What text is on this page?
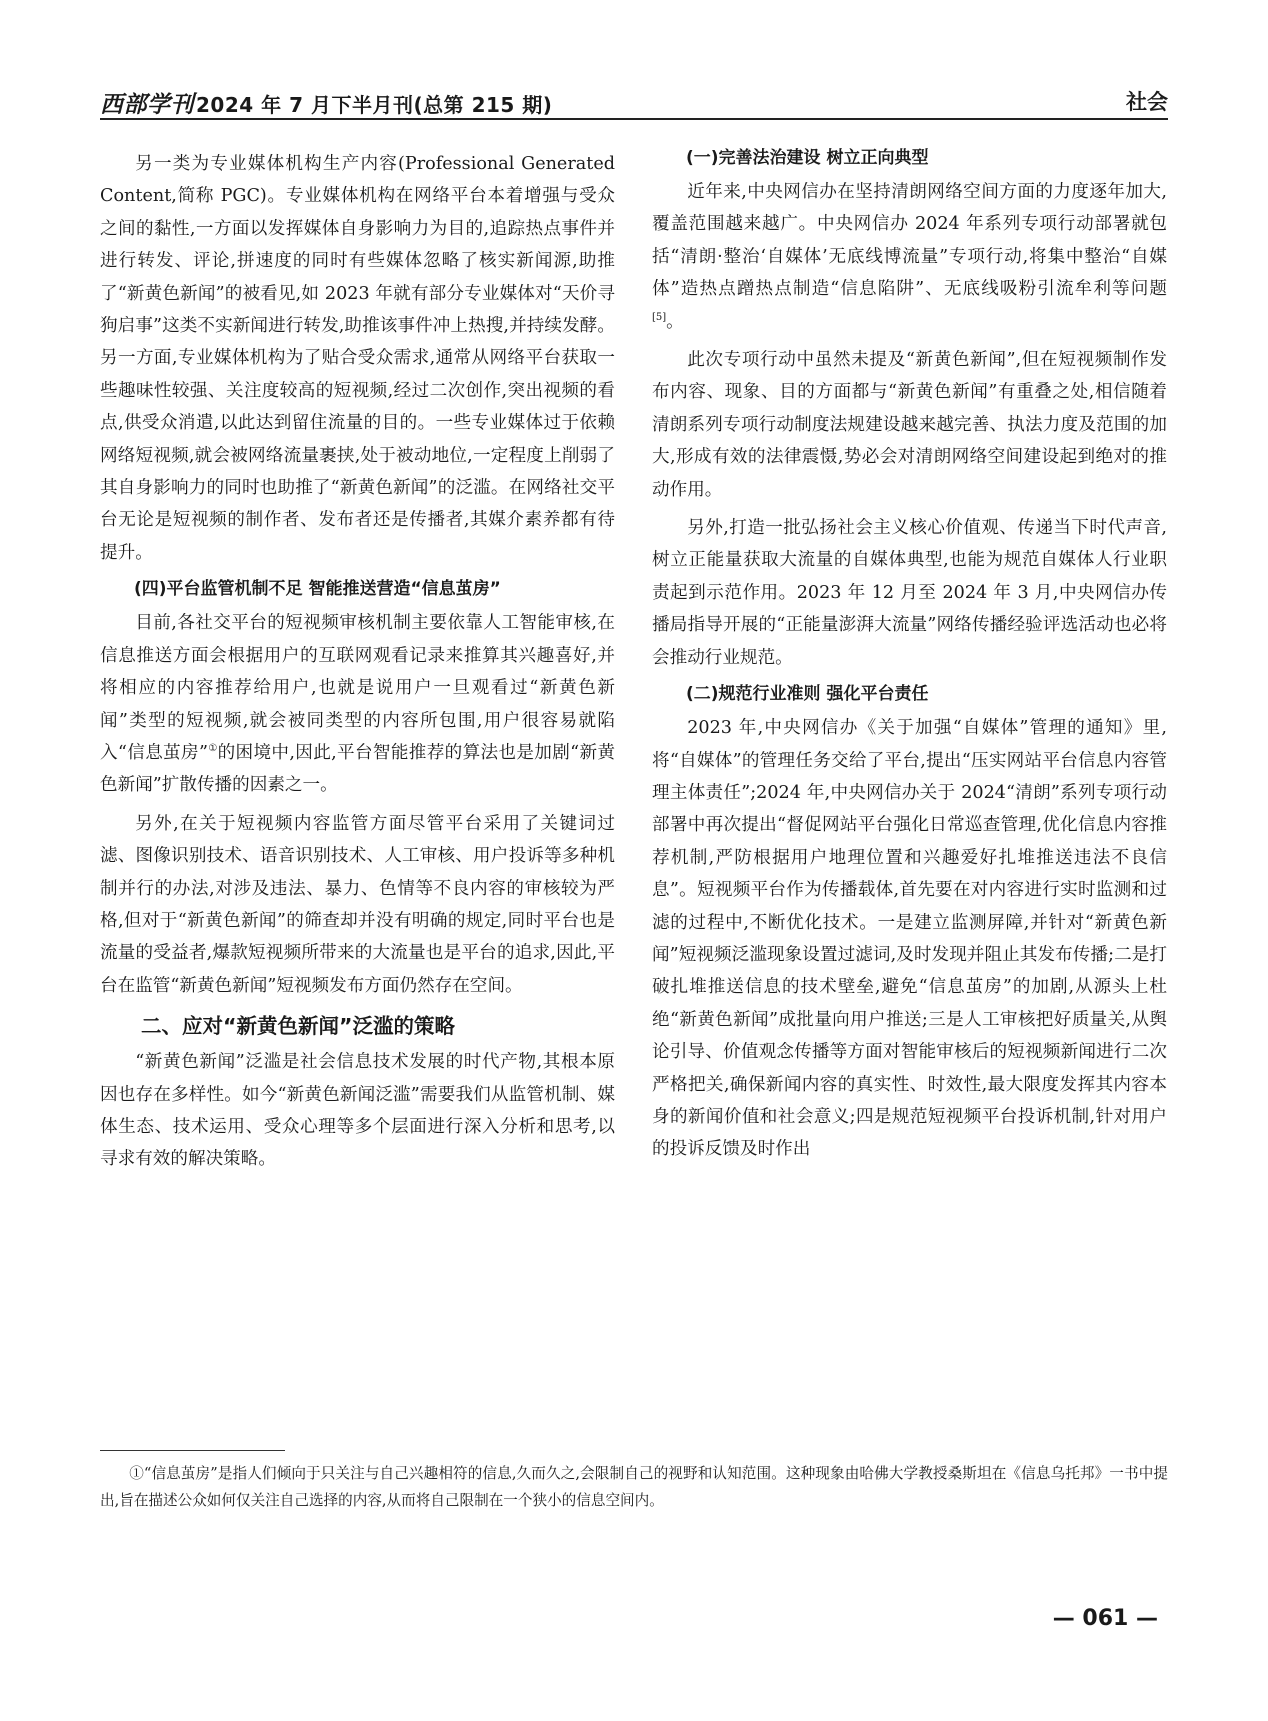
西部学刊 2024 年 7 月下半月刊(总第 215 期)	社会

另一类为专业媒体机构生产内容(Professional Generated Content,简称 PGC)。专业媒体机构在网络平台本着增强与受众之间的黏性,一方面以发挥媒体自身影响力为目的,追踪热点事件并进行转发、评论,拼速度的同时有些媒体忽略了核实新闻源,助推了“新黄色新闻”的被看见,如 2023 年就有部分专业媒体对“天价寻狗启事”这类不实新闻进行转发,助推该事件冲上热搜,并持续发酵。另一方面,专业媒体机构为了贴合受众需求,通常从网络平台获取一些趣味性较强、关注度较高的短视频,经过二次创作,突出视频的看点,供受众消遣,以此达到留住流量的目的。一些专业媒体过于依赖网络短视频,就会被网络流量裹挟,处于被动地位,一定程度上削弱了其自身影响力的同时也助推了“新黄色新闻”的泛滥。在网络社交平台无论是短视频的制作者、发布者还是传播者,其媒介素养都有待提升。

(四)平台监管机制不足 智能推送营造“信息茧房”

目前,各社交平台的短视频审核机制主要依靠人工智能审核,在信息推送方面会根据用户的互联网观看记录来推算其兴趣喜好,并将相应的内容推荐给用户,也就是说用户一旦观看过“新黄色新闻”类型的短视频,就会被同类型的内容所包围,用户很容易就陷入“信息茧房”①的困境中,因此,平台智能推荐的算法也是加剧“新黄色新闻”扩散传播的因素之一。

另外,在关于短视频内容监管方面尽管平台采用了关键词过滤、图像识别技术、语音识别技术、人工审核、用户投诉等多种机制并行的办法,对涉及违法、暴力、色情等不良内容的审核较为严格,但对于“新黄色新闻”的筛查却并没有明确的规定,同时平台也是流量的受益者,爆款短视频所带来的大流量也是平台的追求,因此,平台在监管“新黄色新闻”短视频发布方面仍然存在空间。

二、应对“新黄色新闻”泛滥的策略

“新黄色新闻”泛滥是社会信息技术发展的时代产物,其根本原因也存在多样性。如今“新黄色新闻泛滥”需要我们从监管机制、媒体生态、技术运用、受众心理等多个层面进行深入分析和思考,以寻求有效的解决策略。

(一)完善法治建设 树立正向典型

近年来,中央网信办在坚持清朗网络空间方面的力度逐年加大,覆盖范围越来越广。中央网信办 2024 年系列专项行动部署就包括“清朗·整治‘自媒体’无底线博流量”专项行动,将集中整治“自媒体”造热点蹭热点制造“信息陷阱”、无底线吸粉引流牟利等问题[5]。

此次专项行动中虽然未提及“新黄色新闻”,但在短视频制作发布内容、现象、目的方面都与“新黄色新闻”有重叠之处,相信随着清朗系列专项行动制度法规建设越来越完善、执法力度及范围的加大,形成有效的法律震慑,势必会对清朗网络空间建设起到绝对的推动作用。

另外,打造一批弘扬社会主义核心价值观、传递当下时代声音,树立正能量获取大流量的自媒体典型,也能为规范自媒体人行业职责起到示范作用。2023 年 12 月至 2024 年 3 月,中央网信办传播局指导开展的“正能量澎湃大流量”网络传播经验评选活动也必将会推动行业规范。

(二)规范行业准则 强化平台责任

2023 年,中央网信办《关于加强“自媒体”管理的通知》里,将“自媒体”的管理任务交给了平台,提出“压实网站平台信息内容管理主体责任”;2024 年,中央网信办关于 2024“清朗”系列专项行动部署中再次提出“督促网站平台强化日常巡查管理,优化信息内容推荐机制,严防根据用户地理位置和兴趣爱好扎堆推送违法不良信息”。短视频平台作为传播载体,首先要在对内容进行实时监测和过滤的过程中,不断优化技术。一是建立监测屏障,并针对“新黄色新闻”短视频泛滥现象设置过滤词,及时发现并阻止其发布传播;二是打破扎堆推送信息的技术壁垒,避免“信息茧房”的加剧,从源头上杜绝“新黄色新闻”成批量向用户推送;三是人工审核把好质量关,从舆论引导、价值观念传播等方面对智能审核后的短视频新闻进行二次严格把关,确保新闻内容的真实性、时效性,最大限度发挥其内容本身的新闻价值和社会意义;四是规范短视频平台投诉机制,针对用户的投诉反馈及时作出

①“信息茧房”是指人们倾向于只关注与自己兴趣相符的信息,久而久之,会限制自己的视野和认知范围。这种现象由哈佛大学教授桑斯坦在《信息乌托邦》一书中提出,旨在描述公众如何仅关注自己选择的内容,从而将自己限制在一个狭小的信息空间内。

— 061 —
